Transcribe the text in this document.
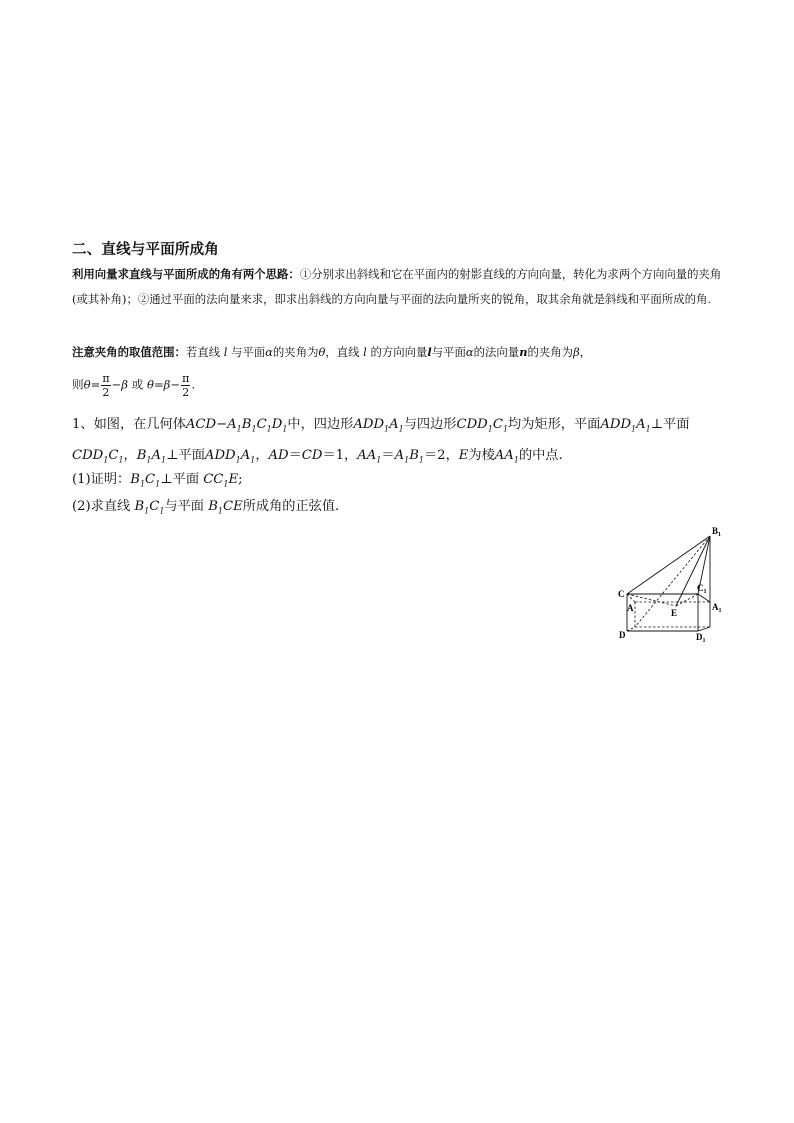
二、直线与平面所成角
利用向量求直线与平面所成的角有两个思路：①分别求出斜线和它在平面内的射影直线的方向向量，转化为求两个方向向量的夹角(或其补角)；②通过平面的法向量来求，即求出斜线的方向向量与平面的法向量所夹的锐角，取其余角就是斜线和平面所成的角.
注意夹角的取值范围：若直线 l 与平面α的夹角为θ，直线 l 的方向向量l与平面α的法向量n的夹角为β，
则$\theta= \frac{\pi}{2} -\beta$ 或 $\theta=\beta- \frac{\pi}{2}$ .
1、如图，在几何体$ACD-A_1B_1C_1D_1$中，四边形$ADD_1A_1$与四边形$CDD_1C_1$均为矩形，平面$ADD_1A_1\perp$平面
$CDD_1C_1$，$B_1A_1\perp$平面$ADD_1A_1$，AD＝CD＝1，$AA_1=A_1B_1=2$，E为棱$AA_1$的中点.
(1)证明：$B_1C_1\perp$平面 $CC_1E$;
(2)求直线 $B_1C_1$与平面 $B_1CE$所成角的正弦值.
$B_1$
C
$C_1$
A	E
$A_1$
D	$D_1$
